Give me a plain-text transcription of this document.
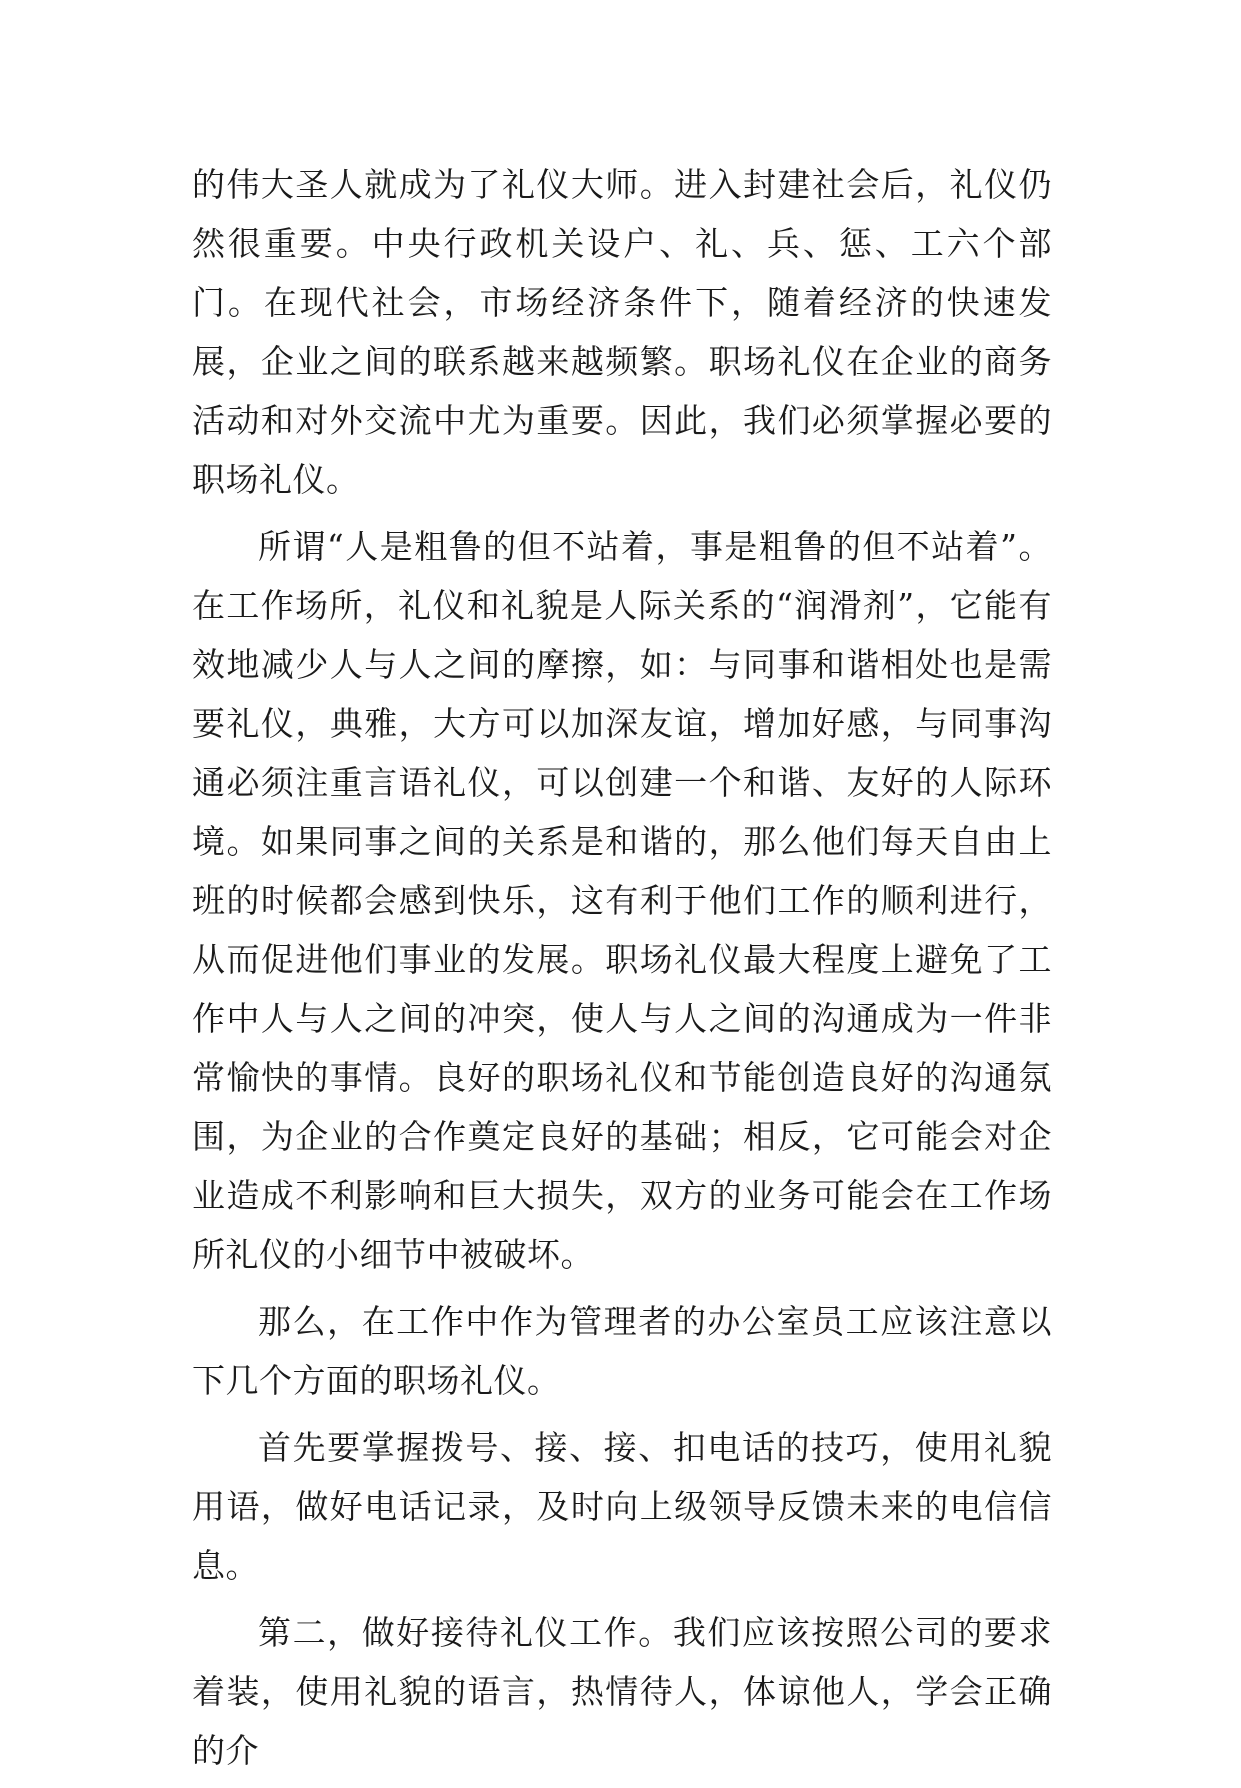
的伟大圣人就成为了礼仪大师。进入封建社会后，礼仪仍然很重要。中央行政机关设户、礼、兵、惩、工六个部门。在现代社会，市场经济条件下，随着经济的快速发展，企业之间的联系越来越频繁。职场礼仪在企业的商务活动和对外交流中尤为重要。因此，我们必须掌握必要的职场礼仪。

所谓“人是粗鲁的但不站着，事是粗鲁的但不站着”。在工作场所，礼仪和礼貌是人际关系的“润滑剂”，它能有效地减少人与人之间的摩擦，如：与同事和谐相处也是需要礼仪，典雅，大方可以加深友谊，增加好感，与同事沟通必须注重言语礼仪，可以创建一个和谐、友好的人际环境。如果同事之间的关系是和谐的，那么他们每天自由上班的时候都会感到快乐，这有利于他们工作的顺利进行，从而促进他们事业的发展。职场礼仪最大程度上避免了工作中人与人之间的冲突，使人与人之间的沟通成为一件非常愉快的事情。良好的职场礼仪和节能创造良好的沟通氛围，为企业的合作奠定良好的基础；相反，它可能会对企业造成不利影响和巨大损失，双方的业务可能会在工作场所礼仪的小细节中被破坏。

那么，在工作中作为管理者的办公室员工应该注意以下几个方面的职场礼仪。

首先要掌握拨号、接、接、扣电话的技巧，使用礼貌用语，做好电话记录，及时向上级领导反馈未来的电信信息。

第二，做好接待礼仪工作。我们应该按照公司的要求着装，使用礼貌的语言，热情待人，体谅他人，学会正确的介
